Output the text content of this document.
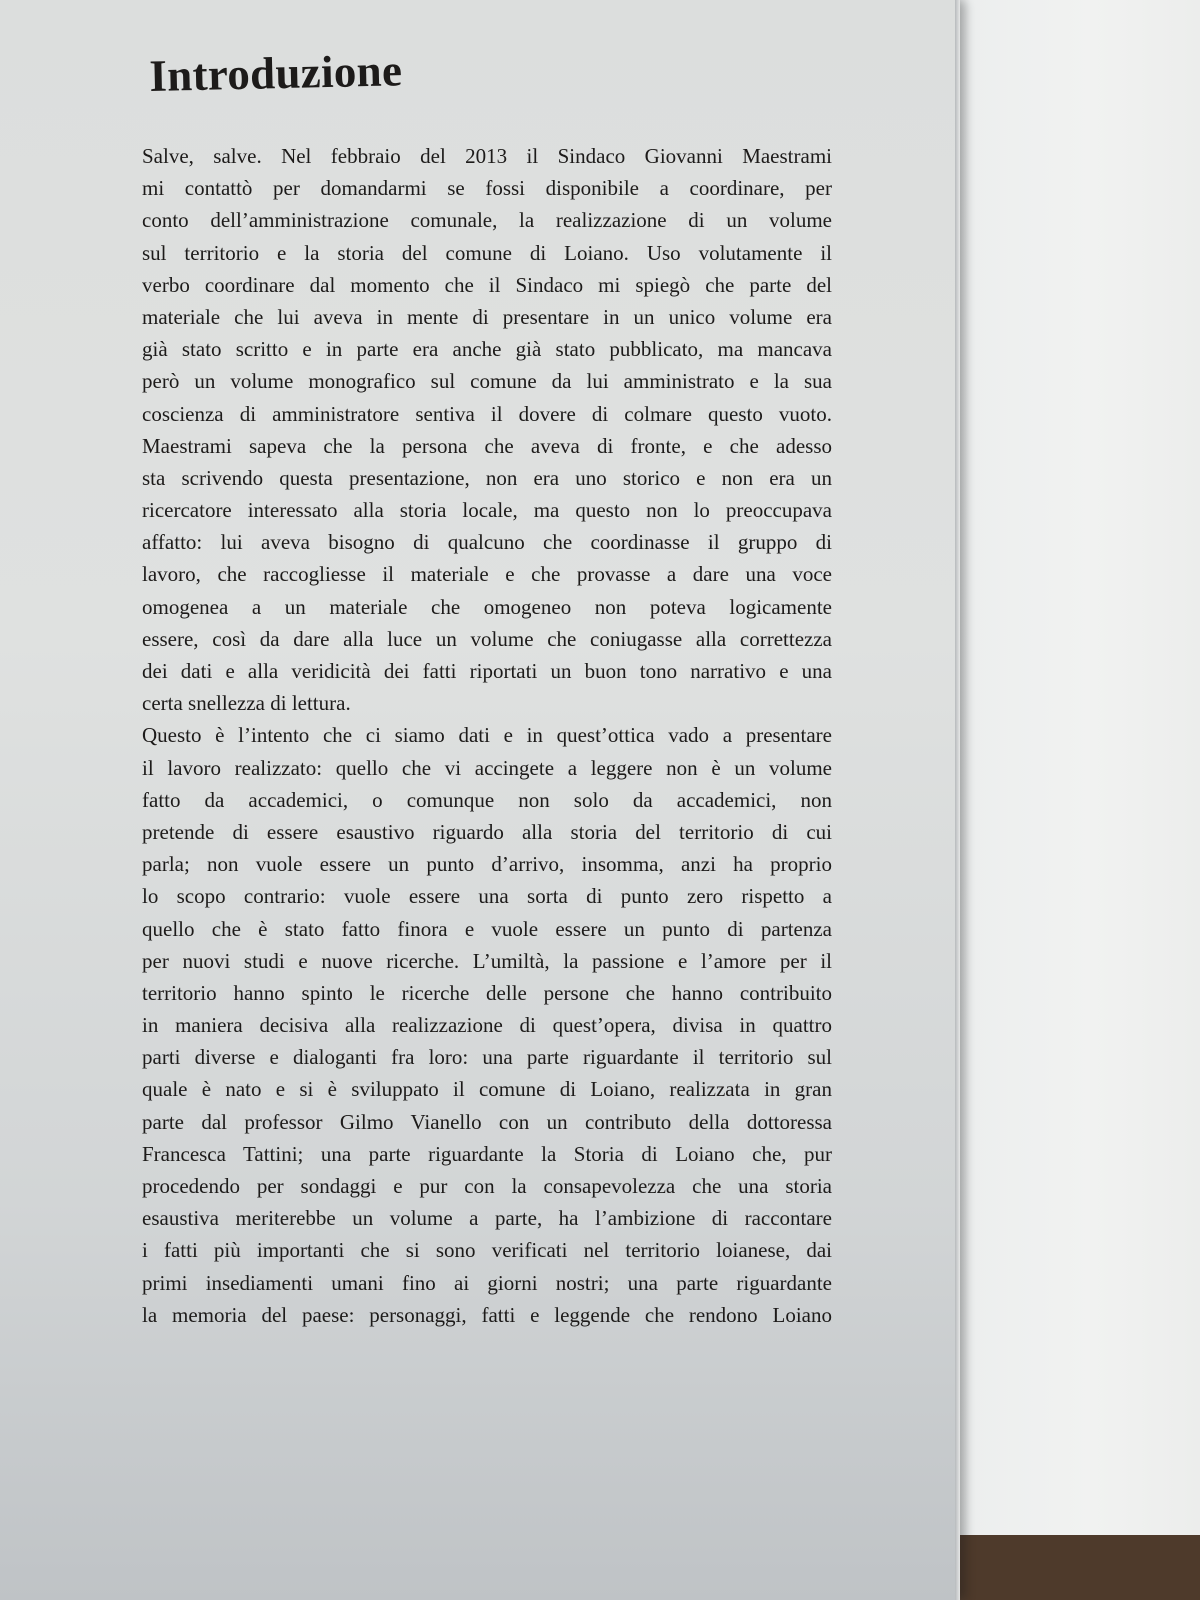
Introduzione
Salve, salve. Nel febbraio del 2013 il Sindaco Giovanni Maestrami
mi contattò per domandarmi se fossi disponibile a coordinare, per
conto dell’amministrazione comunale, la realizzazione di un volume
sul territorio e la storia del comune di Loiano. Uso volutamente il
verbo coordinare dal momento che il Sindaco mi spiegò che parte del
materiale che lui aveva in mente di presentare in un unico volume era
già stato scritto e in parte era anche già stato pubblicato, ma mancava
però un volume monografico sul comune da lui amministrato e la sua
coscienza di amministratore sentiva il dovere di colmare questo vuoto.
Maestrami sapeva che la persona che aveva di fronte, e che adesso
sta scrivendo questa presentazione, non era uno storico e non era un
ricercatore interessato alla storia locale, ma questo non lo preoccupava
affatto: lui aveva bisogno di qualcuno che coordinasse il gruppo di
lavoro, che raccogliesse il materiale e che provasse a dare una voce
omogenea a un materiale che omogeneo non poteva logicamente
essere, così da dare alla luce un volume che coniugasse alla correttezza
dei dati e alla veridicità dei fatti riportati un buon tono narrativo e una
certa snellezza di lettura.
Questo è l’intento che ci siamo dati e in quest’ottica vado a presentare
il lavoro realizzato: quello che vi accingete a leggere non è un volume
fatto da accademici, o comunque non solo da accademici, non
pretende di essere esaustivo riguardo alla storia del territorio di cui
parla; non vuole essere un punto d’arrivo, insomma, anzi ha proprio
lo scopo contrario: vuole essere una sorta di punto zero rispetto a
quello che è stato fatto finora e vuole essere un punto di partenza
per nuovi studi e nuove ricerche. L’umiltà, la passione e l’amore per il
territorio hanno spinto le ricerche delle persone che hanno contribuito
in maniera decisiva alla realizzazione di quest’opera, divisa in quattro
parti diverse e dialoganti fra loro: una parte riguardante il territorio sul
quale è nato e si è sviluppato il comune di Loiano, realizzata in gran
parte dal professor Gilmo Vianello con un contributo della dottoressa
Francesca Tattini; una parte riguardante la Storia di Loiano che, pur
procedendo per sondaggi e pur con la consapevolezza che una storia
esaustiva meriterebbe un volume a parte, ha l’ambizione di raccontare
i fatti più importanti che si sono verificati nel territorio loianese, dai
primi insediamenti umani fino ai giorni nostri; una parte riguardante
la memoria del paese: personaggi, fatti e leggende che rendono Loiano
